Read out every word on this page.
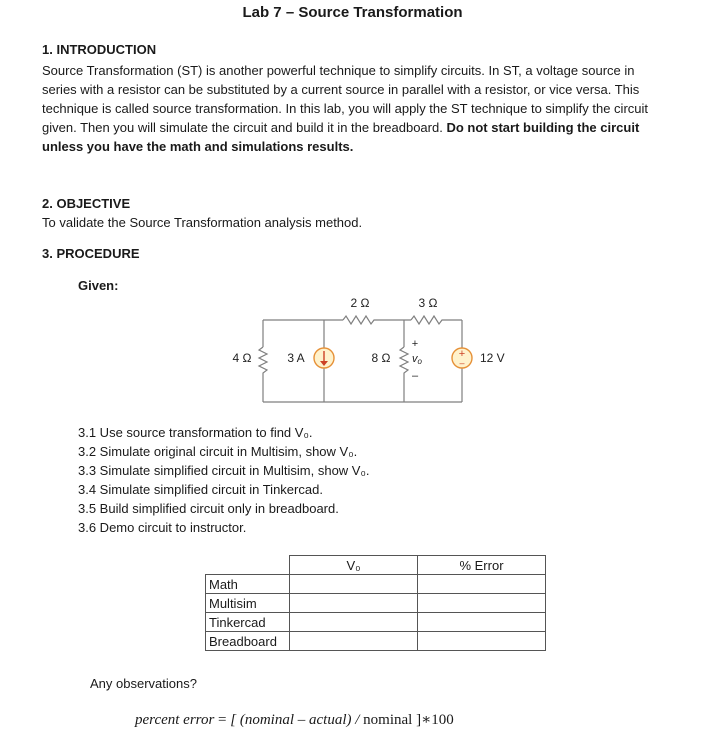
Lab 7 – Source Transformation
1. INTRODUCTION
Source Transformation (ST) is another powerful technique to simplify circuits. In ST, a voltage source in series with a resistor can be substituted by a current source in parallel with a resistor, or vice versa. This technique is called source transformation. In this lab, you will apply the ST technique to simplify the circuit given. Then you will simulate the circuit and build it in the breadboard. Do not start building the circuit unless you have the math and simulations results.
2. OBJECTIVE
To validate the Source Transformation analysis method.
3. PROCEDURE
Given:
+
–
2 Ω	3 Ω
4 Ω	3 A	8 Ω
+
–
vo	12 V
3.1 Use source transformation to find V₀.
3.2 Simulate original circuit in Multisim, show V₀.
3.3 Simulate simplified circuit in Multisim, show V₀.
3.4 Simulate simplified circuit in Tinkercad.
3.5 Build simplified circuit only in breadboard.
3.6 Demo circuit to instructor.
	V₀	% Error
Math		
Multisim		
Tinkercad		
Breadboard		
Any observations?
percent error = [ (nominal – actual) / nominal ]∗100
